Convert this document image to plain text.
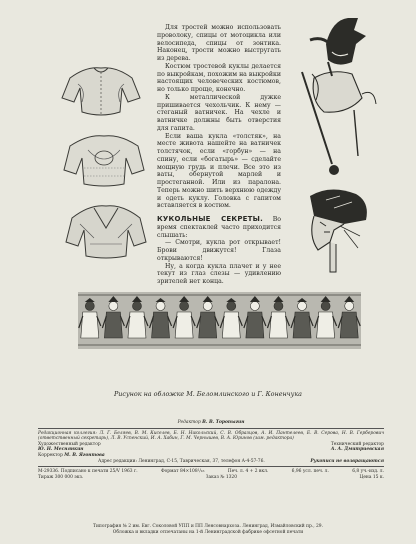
Для тростей можно использовать проволоку, спицы от мотоцикла или велосипеда, спицы от зонтика. Наконец, трости можно выстругать из дерева.

Костюм тростевой куклы делается по выкройкам, похожим на выкройки настоящих человеческих костюмов, но только проще, конечно.

К металлической дужке пришивается чехольчик. К нему — стеганый ватничек. На чехле и ватничке должны быть отверстия для гапита.

Если ваша кукла «толстяк», на месте живота нашейте на ватничек толстячок, если «горбун» — на спину, если «богатырь» — сделайте мощную грудь и плечи. Все это из ваты, обернутой марлей и простеганной. Или из паралона. Теперь можно шить верхнюю одежду и одеть куклу. Головка с гапитом вставляется в костюм.

КУКОЛЬНЫЕ СЕКРЕТЫ. Во время спектаклей часто приходится слышать:

— Смотри, кукла рот открывает! Брови движутся! Глаза открываются!

Ну, а когда кукла плачет и у нее текут из глаз слезы — удивлению зрителей нет конца.

Рисунок на обложке М. Беломлинского и Г. Коненчука
Редактор В. В. Торопыгин
Редакционная коллегия: Л. Г. Беляев, В. М. Киселев, Б. Н. Никольский, С. В. Образцов, А. И. Пантелеев, Е. В. Серова, Н. В. Герберович (ответственный секретарь), Л. В. Успенский, И. А. Хабин, Г. М. Чернышев, В. А. Юринов (зам. редактора)
Художественный редактор	Технический редактор
Ю. Н. Меснянкин	А. А. Дмитриевская
Корректор М. В. Ягонтова
Адрес редакции: Ленинград, С-15, Таврическая, 37, телефон А-4-57-76.	Рукописи не возвращаются
М-29336. Подписано к печати 25/V 1963 г.	Формат 84×108¹/₁₆	Печ. л. 4 + 2 вкл.	6,96 усл. печ. л.	6,8 уч.-изд. л.
Тираж 300 000 экз.	Заказ № 1320	Цена 15 к.
Типография № 2 им. Евг. Соколовой УПП и ПП Ленсовнархоза. Ленинград, Измайловский пр., 29.
Обложка и вкладки отпечатаны на 1-й Ленинградской фабрике офсетной печати
